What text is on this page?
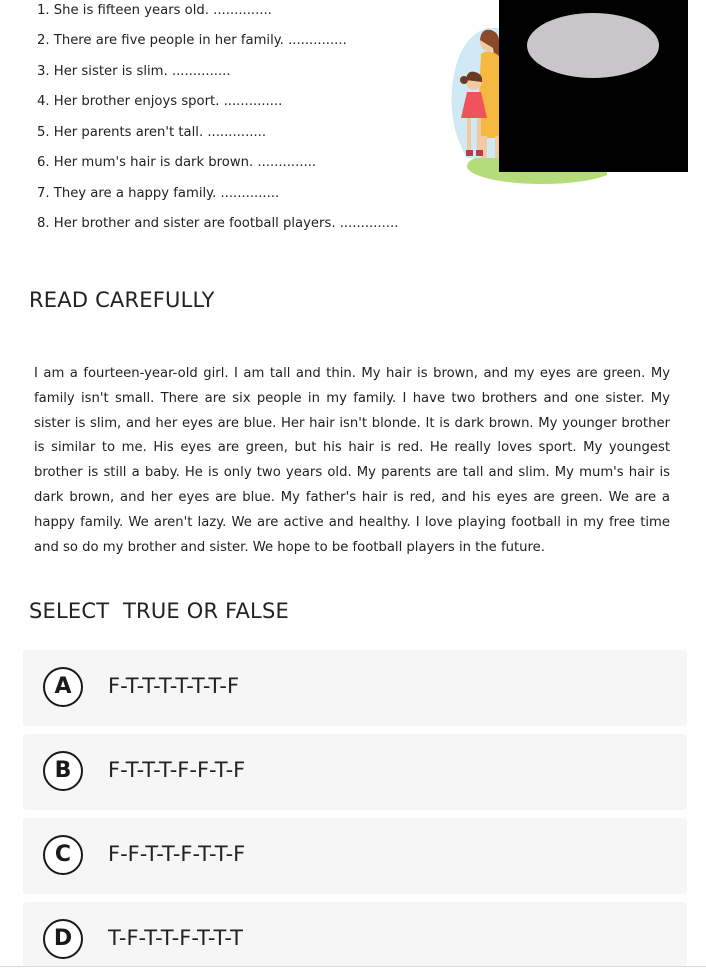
1. She is fifteen years old. ..............
2. There are five people in her family. ..............
3. Her sister is slim. ..............
4. Her brother enjoys sport. ..............
5. Her parents aren't tall. ..............
6. Her mum's hair is dark brown. ..............
7. They are a happy family. ..............
8. Her brother and sister are football players. ..............
READ CAREFULLY

I am a fourteen-year-old girl. I am tall and thin. My hair is brown, and my eyes are green. My family isn't small. There are six people in my family. I have two brothers and one sister. My sister is slim, and her eyes are blue. Her hair isn't blonde. It is dark brown. My younger brother is similar to me. His eyes are green, but his hair is red. He really loves sport. My youngest brother is still a baby. He is only two years old. My parents are tall and slim. My mum's hair is dark brown, and her eyes are blue. My father's hair is red, and his eyes are green. We are a happy family. We aren't lazy. We are active and healthy. I love playing football in my free time and so do my brother and sister. We hope to be football players in the future.

SELECT  TRUE OR FALSE
A	F-T-T-T-T-T-T-F
B	F-T-T-T-F-F-T-F
C	F-F-T-T-F-T-T-F
D	T-F-T-T-F-T-T-T
